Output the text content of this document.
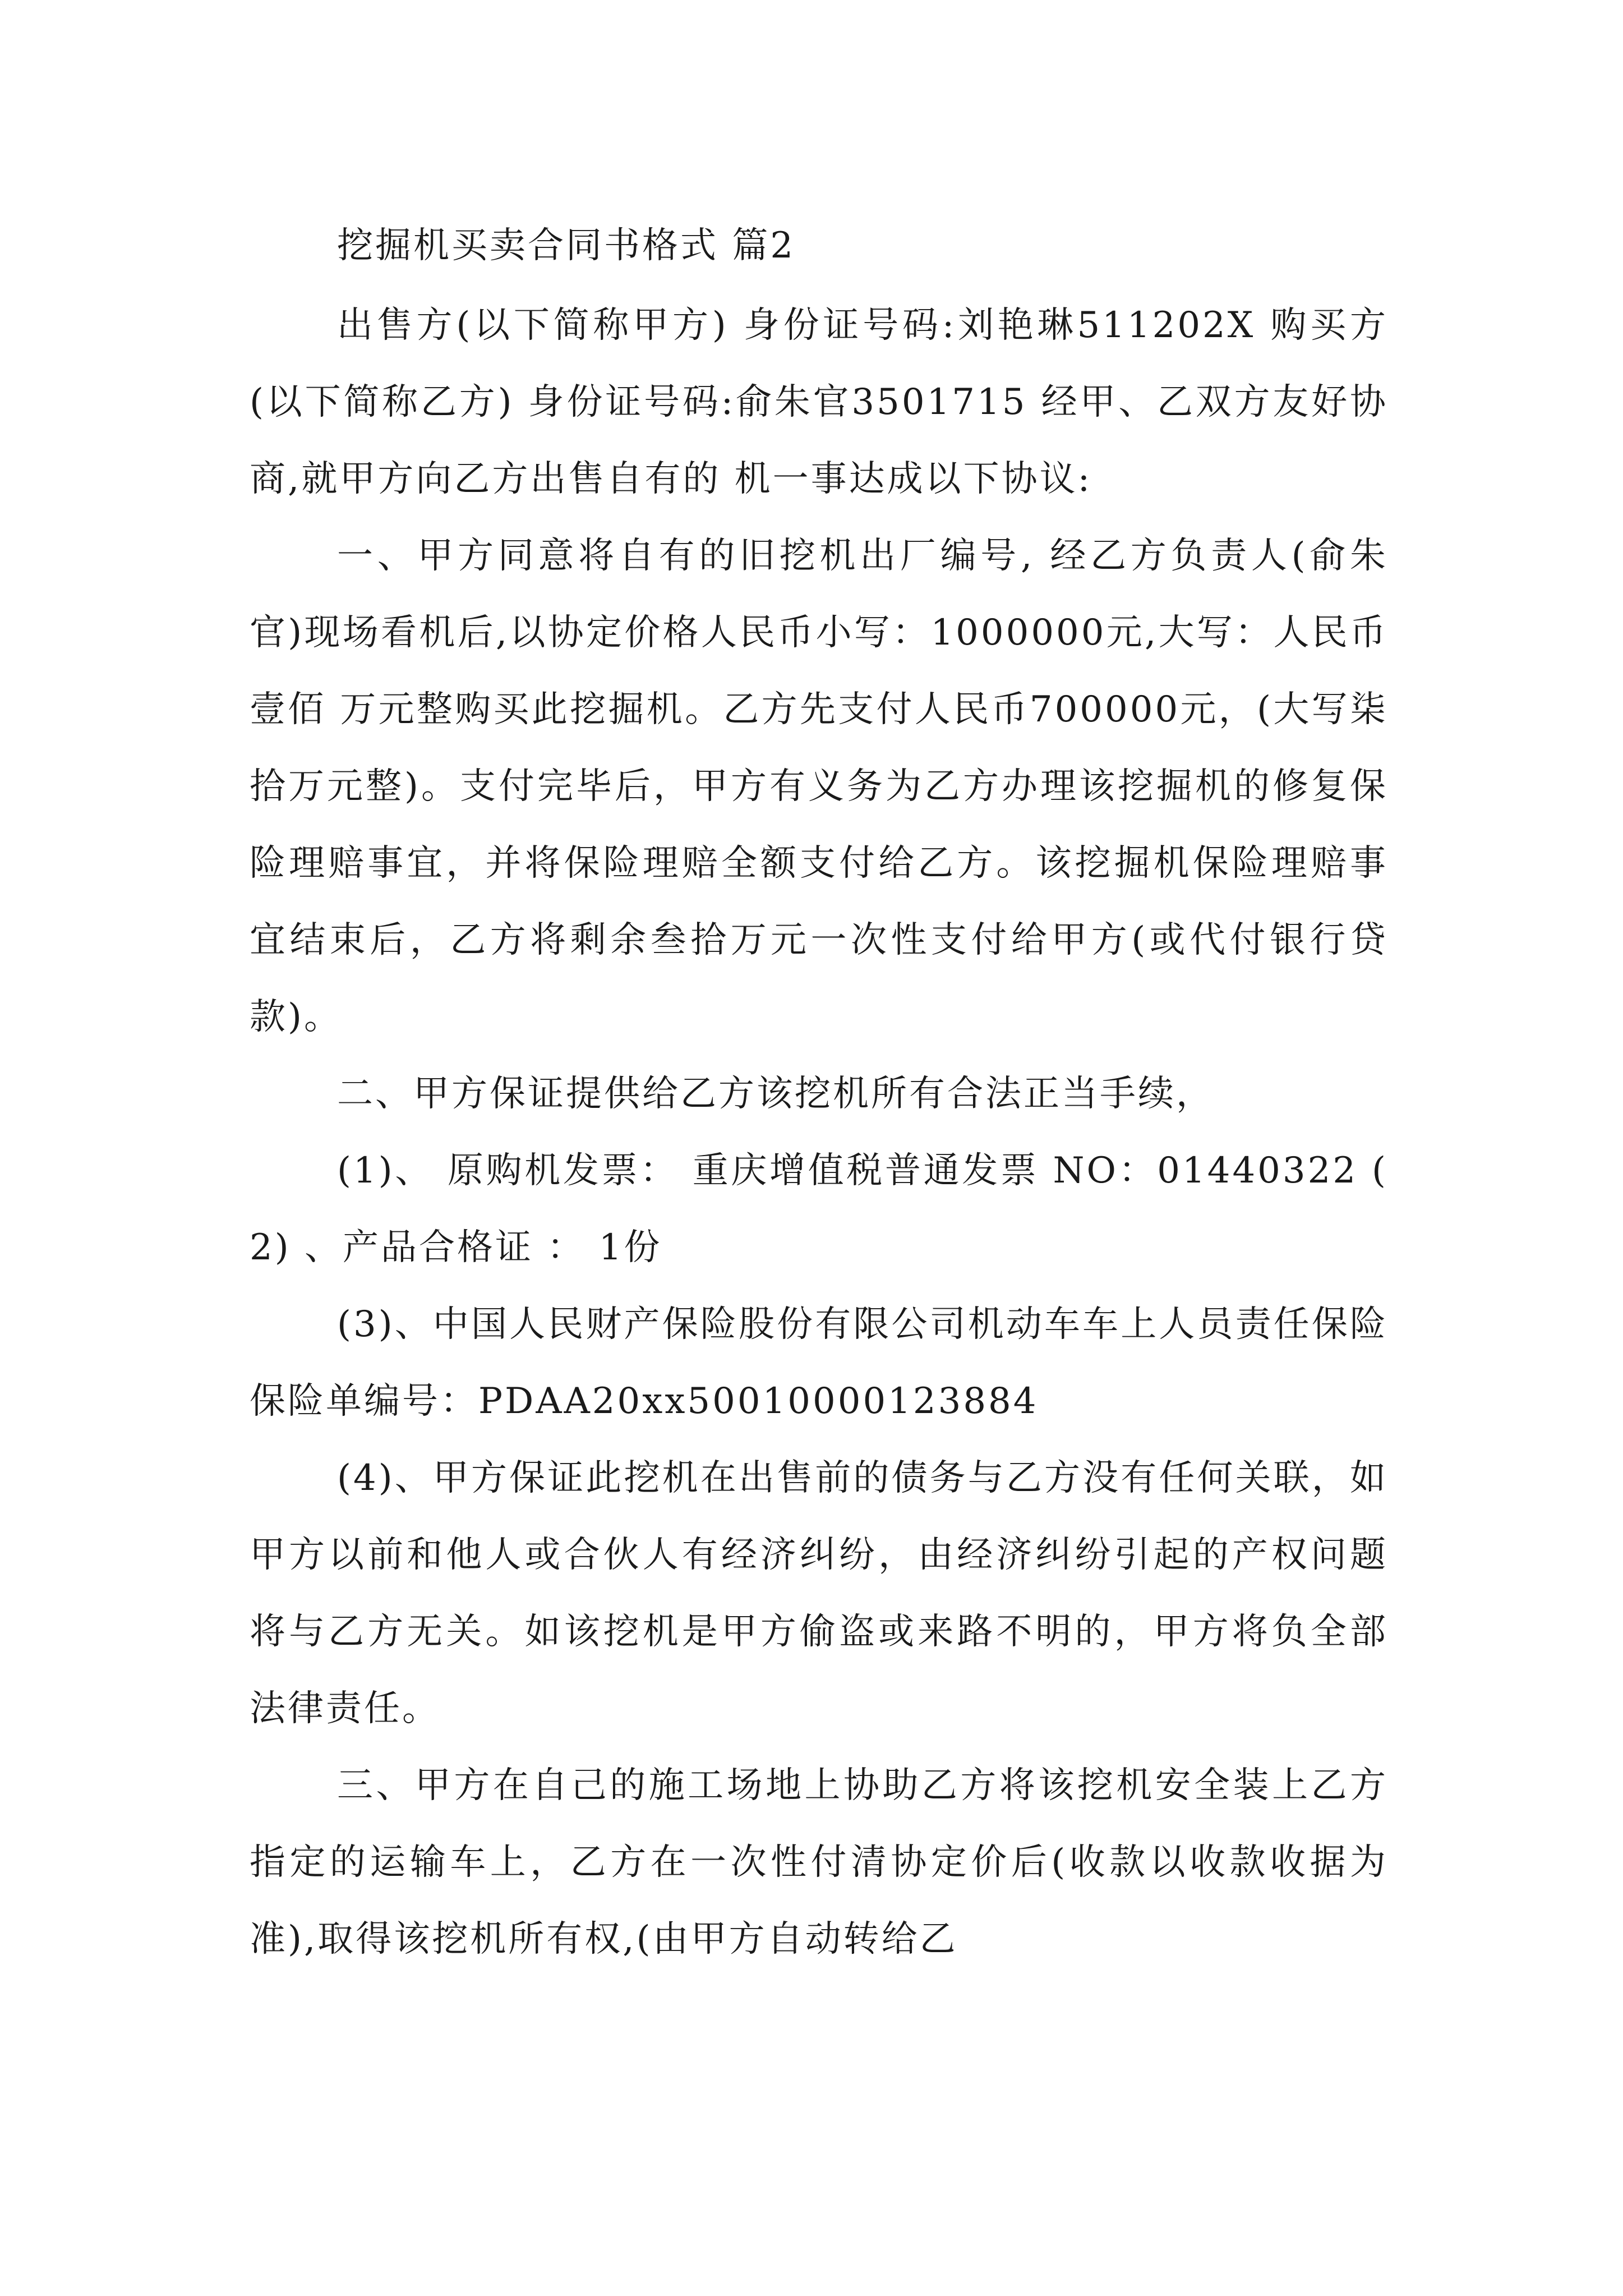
挖掘机买卖合同书格式 篇2

出售方(以下简称甲方) 身份证号码:刘艳琳511202X 购买方(以下简称乙方) 身份证号码:俞朱官3501715 经甲、乙双方友好协商,就甲方向乙方出售自有的 机一事达成以下协议:

一、甲方同意将自有的旧挖机出厂编号, 经乙方负责人(俞朱官)现场看机后,以协定价格人民币小写：1000000元,大写：人民币 壹佰 万元整购买此挖掘机。乙方先支付人民币700000元，(大写柒拾万元整)。支付完毕后，甲方有义务为乙方办理该挖掘机的修复保险理赔事宜，并将保险理赔全额支付给乙方。该挖掘机保险理赔事宜结束后，乙方将剩余叁拾万元一次性支付给甲方(或代付银行贷款)。

二、甲方保证提供给乙方该挖机所有合法正当手续，

(1)、 原购机发票： 重庆增值税普通发票 NO：01440322 ( 2) 、产品合格证 ： 1份

(3)、中国人民财产保险股份有限公司机动车车上人员责任保险 保险单编号：PDAA20xx50010000123884

(4)、甲方保证此挖机在出售前的债务与乙方没有任何关联，如甲方以前和他人或合伙人有经济纠纷，由经济纠纷引起的产权问题将与乙方无关。如该挖机是甲方偷盗或来路不明的，甲方将负全部法律责任。

三、甲方在自己的施工场地上协助乙方将该挖机安全装上乙方指定的运输车上，乙方在一次性付清协定价后(收款以收款收据为准),取得该挖机所有权,(由甲方自动转给乙
